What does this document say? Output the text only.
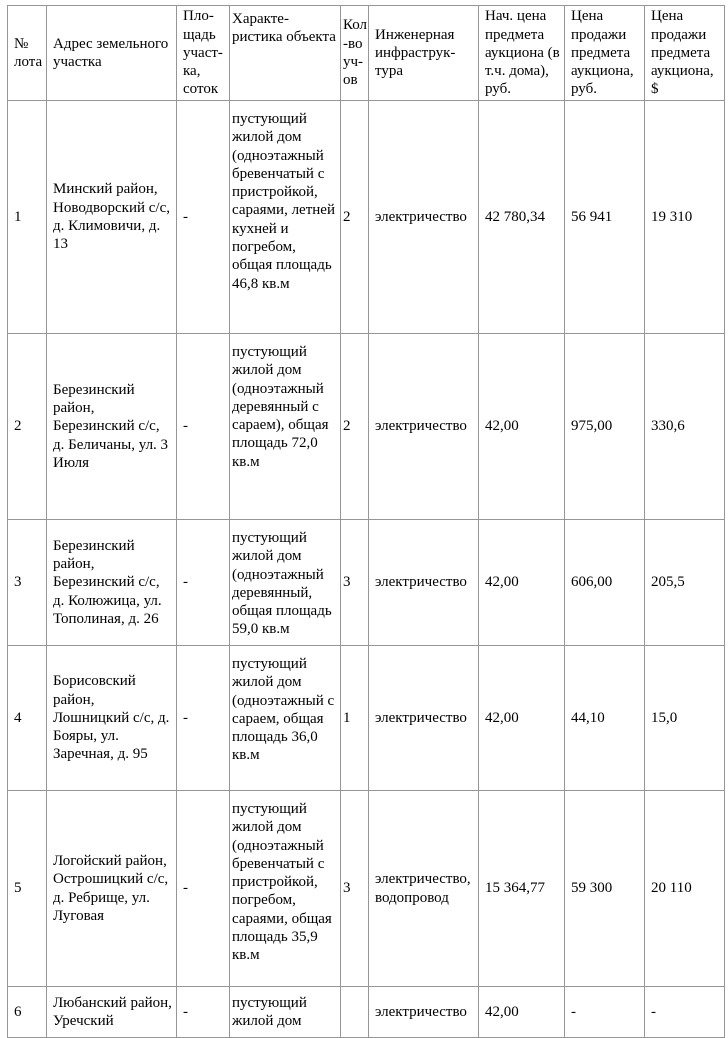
№ лота	Адрес земельного участка	Пло-щадь участ-ка, соток	Характе-ристика объекта	Кол-во уч-ов	Инженерная инфраструк-тура	Нач. цена предмета аукциона (в т.ч. дома), руб.	Цена продажи предмета аукциона, руб.	Цена продажи предмета аукциона, $
1	Минский район, Новодворский с/с, д. Климовичи, д. 13	-	пустующий жилой дом (одноэтажный бревенчатый с пристройкой, сараями, летней кухней и погребом, общая площадь 46,8 кв.м	2	электричество	42 780,34	56 941	19 310
2	Березинский район, Березинский с/с, д. Беличаны, ул. 3 Июля	-	пустующий жилой дом (одноэтажный деревянный с сараем), общая площадь 72,0 кв.м	2	электричество	42,00	975,00	330,6
3	Березинский район, Березинский с/с, д. Колюжица, ул. Тополиная, д. 26	-	пустующий жилой дом (одноэтажный деревянный, общая площадь 59,0 кв.м	3	электричество	42,00	606,00	205,5
4	Борисовский район, Лошницкий с/с, д. Бояры, ул. Заречная, д. 95	-	пустующий жилой дом (одноэтажный с сараем, общая площадь 36,0 кв.м	1	электричество	42,00	44,10	15,0
5	Логойский район, Острошицкий с/с, д. Ребрище, ул. Луговая	-	пустующий жилой дом (одноэтажный бревенчатый с пристройкой, погребом, сараями, общая площадь 35,9 кв.м	3	электричество, водопровод	15 364,77	59 300	20 110
6	Любанский район, Уречский	-	пустующий жилой дом		электричество	42,00	-	-
